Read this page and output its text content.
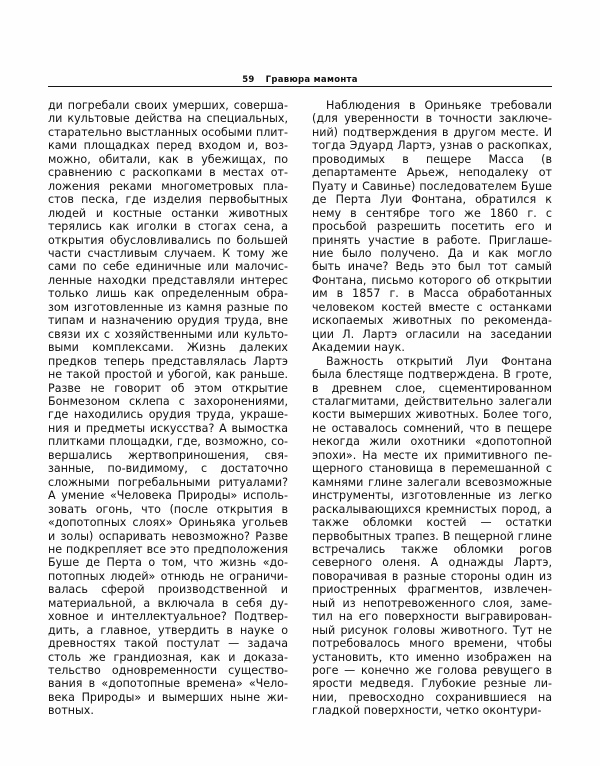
59 Гравюра мамонта

ди погребали своих умерших, совершали культовые действа на специальных, старательно выстланных особыми плитками площадках перед входом и, возможно, обитали, как в убежищах, по сравнению с раскопками в местах отложения реками многометровых пластов песка, где изделия первобытных людей и костные останки животных терялись как иголки в стогах сена, а открытия обусловливались по большей части счастливым случаем. К тому же сами по себе единичные или малочисленные находки представляли интерес только лишь как определенным образом изготовленные из камня разные по типам и назначению орудия труда, вне связи их с хозяйственными или культовыми комплексами. Жизнь далеких предков теперь представлялась Лартэ не такой простой и убогой, как раньше. Разве не говорит об этом открытие Бонмезоном склепа с захоронениями, где находились орудия труда, украшения и предметы искусства? А вымостка плитками площадки, где, возможно, совершались жертвоприношения, связанные, по-видимому, с достаточно сложными погребальными ритуалами? А умение «Человека Природы» использовать огонь, что (после открытия в «допотопных слоях» Ориньяка угольев и золы) оспаривать невозможно? Разве не подкрепляет все это предположения Буше де Перта о том, что жизнь «допотопных людей» отнюдь не ограничивалась сферой производственной и материальной, а включала в себя духовное и интеллектуальное? Подтвердить, а главное, утвердить в науке о древностях такой постулат — задача столь же грандиозная, как и доказательство одновременности существования в «допотопные времена» «Человека Природы» и вымерших ныне животных.

Наблюдения в Ориньяке требовали (для уверенности в точности заключений) подтверждения в другом месте. И тогда Эдуард Лартэ, узнав о раскопках, проводимых в пещере Масса (в департаменте Арьеж, неподалеку от Пуату и Савинье) последователем Буше де Перта Луи Фонтана, обратился к нему в сентябре того же 1860 г. с просьбой разрешить посетить его и принять участие в работе. Приглашение было получено. Да и как могло быть иначе? Ведь это был тот самый Фонтана, письмо которого об открытии им в 1857 г. в Масса обработанных человеком костей вместе с останками ископаемых животных по рекомендации Л. Лартэ огласили на заседании Академии наук.

Важность открытий Луи Фонтана была блестяще подтверждена. В гроте, в древнем слое, сцементированном сталагмитами, действительно залегали кости вымерших животных. Более того, не оставалось сомнений, что в пещере некогда жили охотники «допотопной эпохи». На месте их примитивного пещерного становища в перемешанной с камнями глине залегали всевозможные инструменты, изготовленные из легко раскалывающихся кремнистых пород, а также обломки костей — остатки первобытных трапез. В пещерной глине встречались также обломки рогов северного оленя. А однажды Лартэ, поворачивая в разные стороны один из приостренных фрагментов, извлеченный из непотревоженного слоя, заметил на его поверхности выгравированный рисунок головы животного. Тут не потребовалось много времени, чтобы установить, кто именно изображен на роге — конечно же голова ревущего в ярости медведя. Глубокие резные линии, превосходно сохранившиеся на гладкой поверхности, четко оконтури-
